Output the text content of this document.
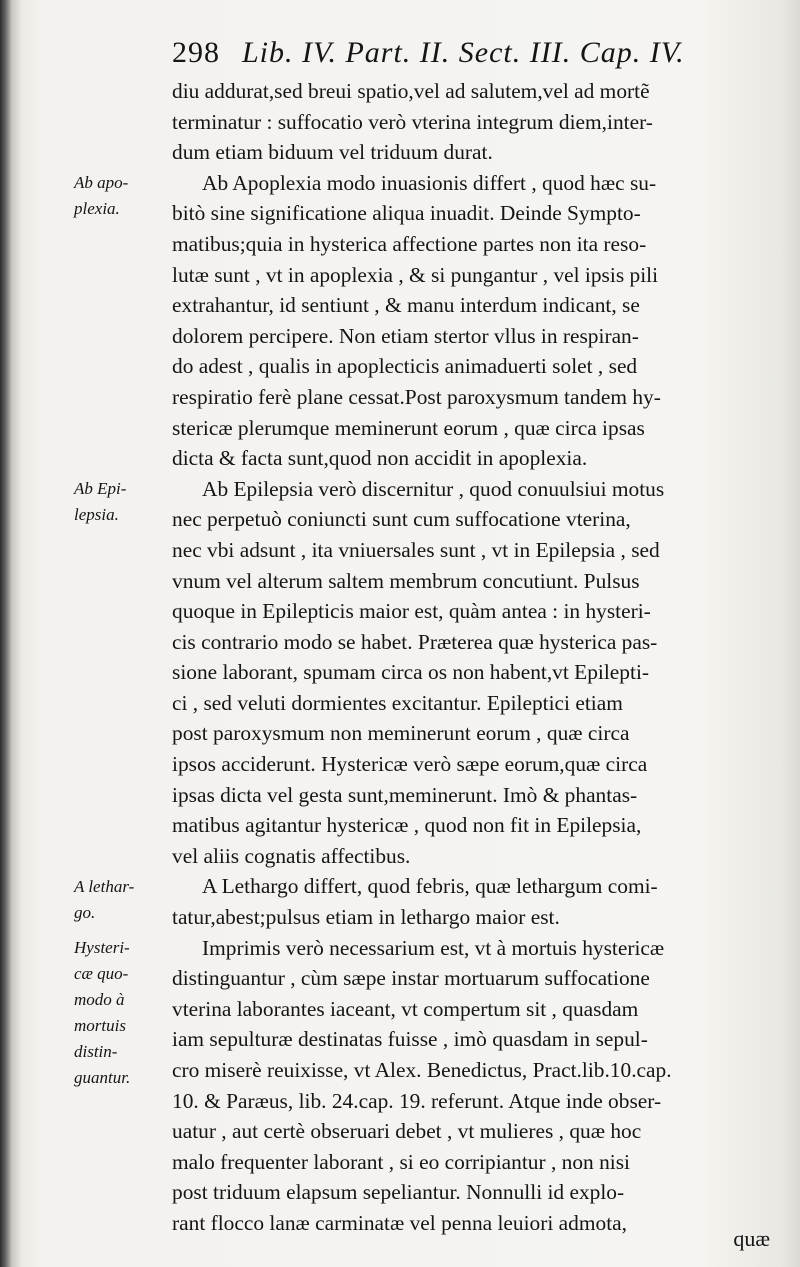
298 Lib. IV. Part. II. Sect. III. Cap. IV.
diu addurat,sed breui spatio,vel ad salutem,vel ad mortẽ
terminatur : suffocatio verò vterina integrum diem,inter-
dum etiam biduum vel triduum durat.
Ab Apoplexia modo inuasionis differt , quod hæc su-
bitò sine significatione aliqua inuadit. Deinde Sympto-
matibus;quia in hysterica affectione partes non ita reso-
lutæ sunt , vt in apoplexia , & si pungantur , vel ipsis pili
extrahantur, id sentiunt , & manu interdum indicant, se
dolorem percipere. Non etiam stertor vllus in respiran-
do adest , qualis in apoplecticis animaduerti solet , sed
respiratio ferè plane cessat.Post paroxysmum tandem hy-
stericæ plerumque meminerunt eorum , quæ circa ipsas
dicta & facta sunt,quod non accidit in apoplexia.
Ab Epilepsia verò discernitur , quod conuulsiui motus
nec perpetuò coniuncti sunt cum suffocatione vterina,
nec vbi adsunt , ita vniuersales sunt , vt in Epilepsia , sed
vnum vel alterum saltem membrum concutiunt. Pulsus
quoque in Epilepticis maior est, quàm antea : in hysteri-
cis contrario modo se habet. Præterea quæ hysterica pas-
sione laborant, spumam circa os non habent,vt Epilepti-
ci , sed veluti dormientes excitantur. Epileptici etiam
post paroxysmum non meminerunt eorum , quæ circa
ipsos acciderunt. Hystericæ verò sæpe eorum,quæ circa
ipsas dicta vel gesta sunt,meminerunt. Imò & phantas-
matibus agitantur hystericæ , quod non fit in Epilepsia,
vel aliis cognatis affectibus.
A Lethargo differt, quod febris, quæ lethargum comi-
tatur,abest;pulsus etiam in lethargo maior est.
Imprimis verò necessarium est, vt à mortuis hystericæ
distinguantur , cùm sæpe instar mortuarum suffocatione
vterina laborantes iaceant, vt compertum sit , quasdam
iam sepulturæ destinatas fuisse , imò quasdam in sepul-
cro miserè reuixisse, vt Alex. Benedictus, Pract.lib.10.cap.
10. & Paræus, lib. 24.cap. 19. referunt. Atque inde obser-
uatur , aut certè obseruari debet , vt mulieres , quæ hoc
malo frequenter laborant , si eo corripiantur , non nisi
post triduum elapsum sepeliantur. Nonnulli id explo-
rant flocco lanæ carminatæ vel penna leuiori admota,
Ab apo-
plexia.
Ab Epi-
lepsia.
A lethar-
go.
Hysteri-
cæ quo-
modo à
mortuis
distin-
guantur.
quæ
